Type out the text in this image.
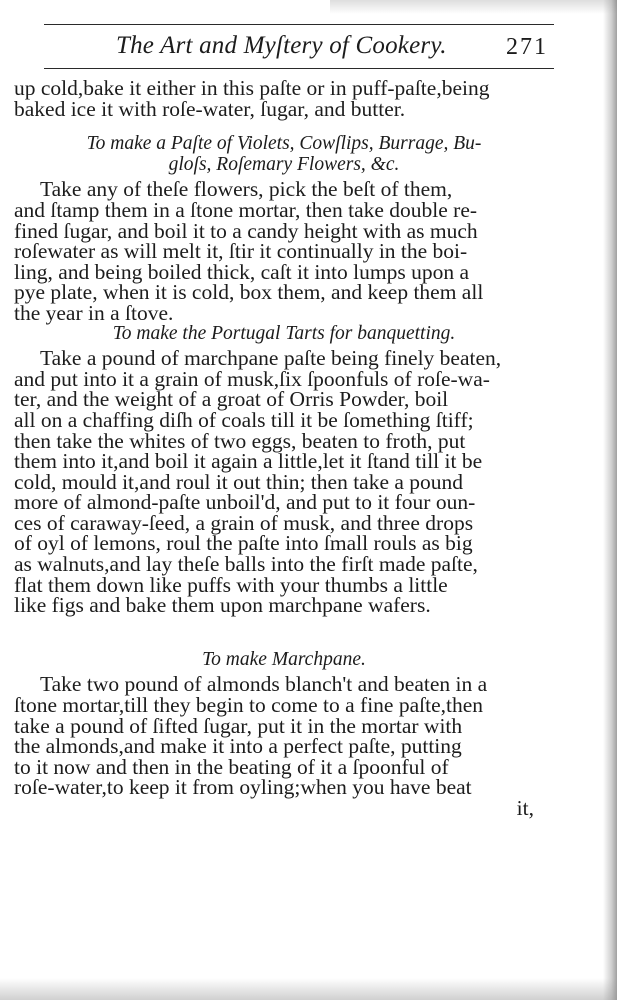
The Art and Myſtery of Cookery. 271

up cold,bake it either in this paſte or in puff-paſte,being

baked ice it with roſe-water, ſugar, and butter.

To make a Paſte of Violets, Cowſlips, Burrage, Bu-

gloſs, Roſemary Flowers, &c.

Take any of theſe flowers, pick the beſt of them,

and ſtamp them in a ſtone mortar, then take double re-

fined ſugar, and boil it to a candy height with as much

roſewater as will melt it, ſtir it continually in the boi-

ling, and being boiled thick, caſt it into lumps upon a

pye plate, when it is cold, box them, and keep them all

the year in a ſtove.

To make the Portugal Tarts for banquetting.

Take a pound of marchpane paſte being finely beaten,

and put into it a grain of musk,ſix ſpoonfuls of roſe-wa-

ter, and the weight of a groat of Orris Powder, boil

all on a chaffing diſh of coals till it be ſomething ſtiff;

then take the whites of two eggs, beaten to froth, put

them into it,and boil it again a little,let it ſtand till it be

cold, mould it,and roul it out thin; then take a pound

more of almond-paſte unboil'd, and put to it four oun-

ces of caraway-ſeed, a grain of musk, and three drops

of oyl of lemons, roul the paſte into ſmall rouls as big

as walnuts,and lay theſe balls into the firſt made paſte,

flat them down like puffs with your thumbs a little

like figs and bake them upon marchpane wafers.

To make Marchpane.

Take two pound of almonds blanch't and beaten in a

ſtone mortar,till they begin to come to a fine paſte,then

take a pound of ſifted ſugar, put it in the mortar with

the almonds,and make it into a perfect paſte, putting

to it now and then in the beating of it a ſpoonful of

roſe-water,to keep it from oyling;when you have beat

it,
